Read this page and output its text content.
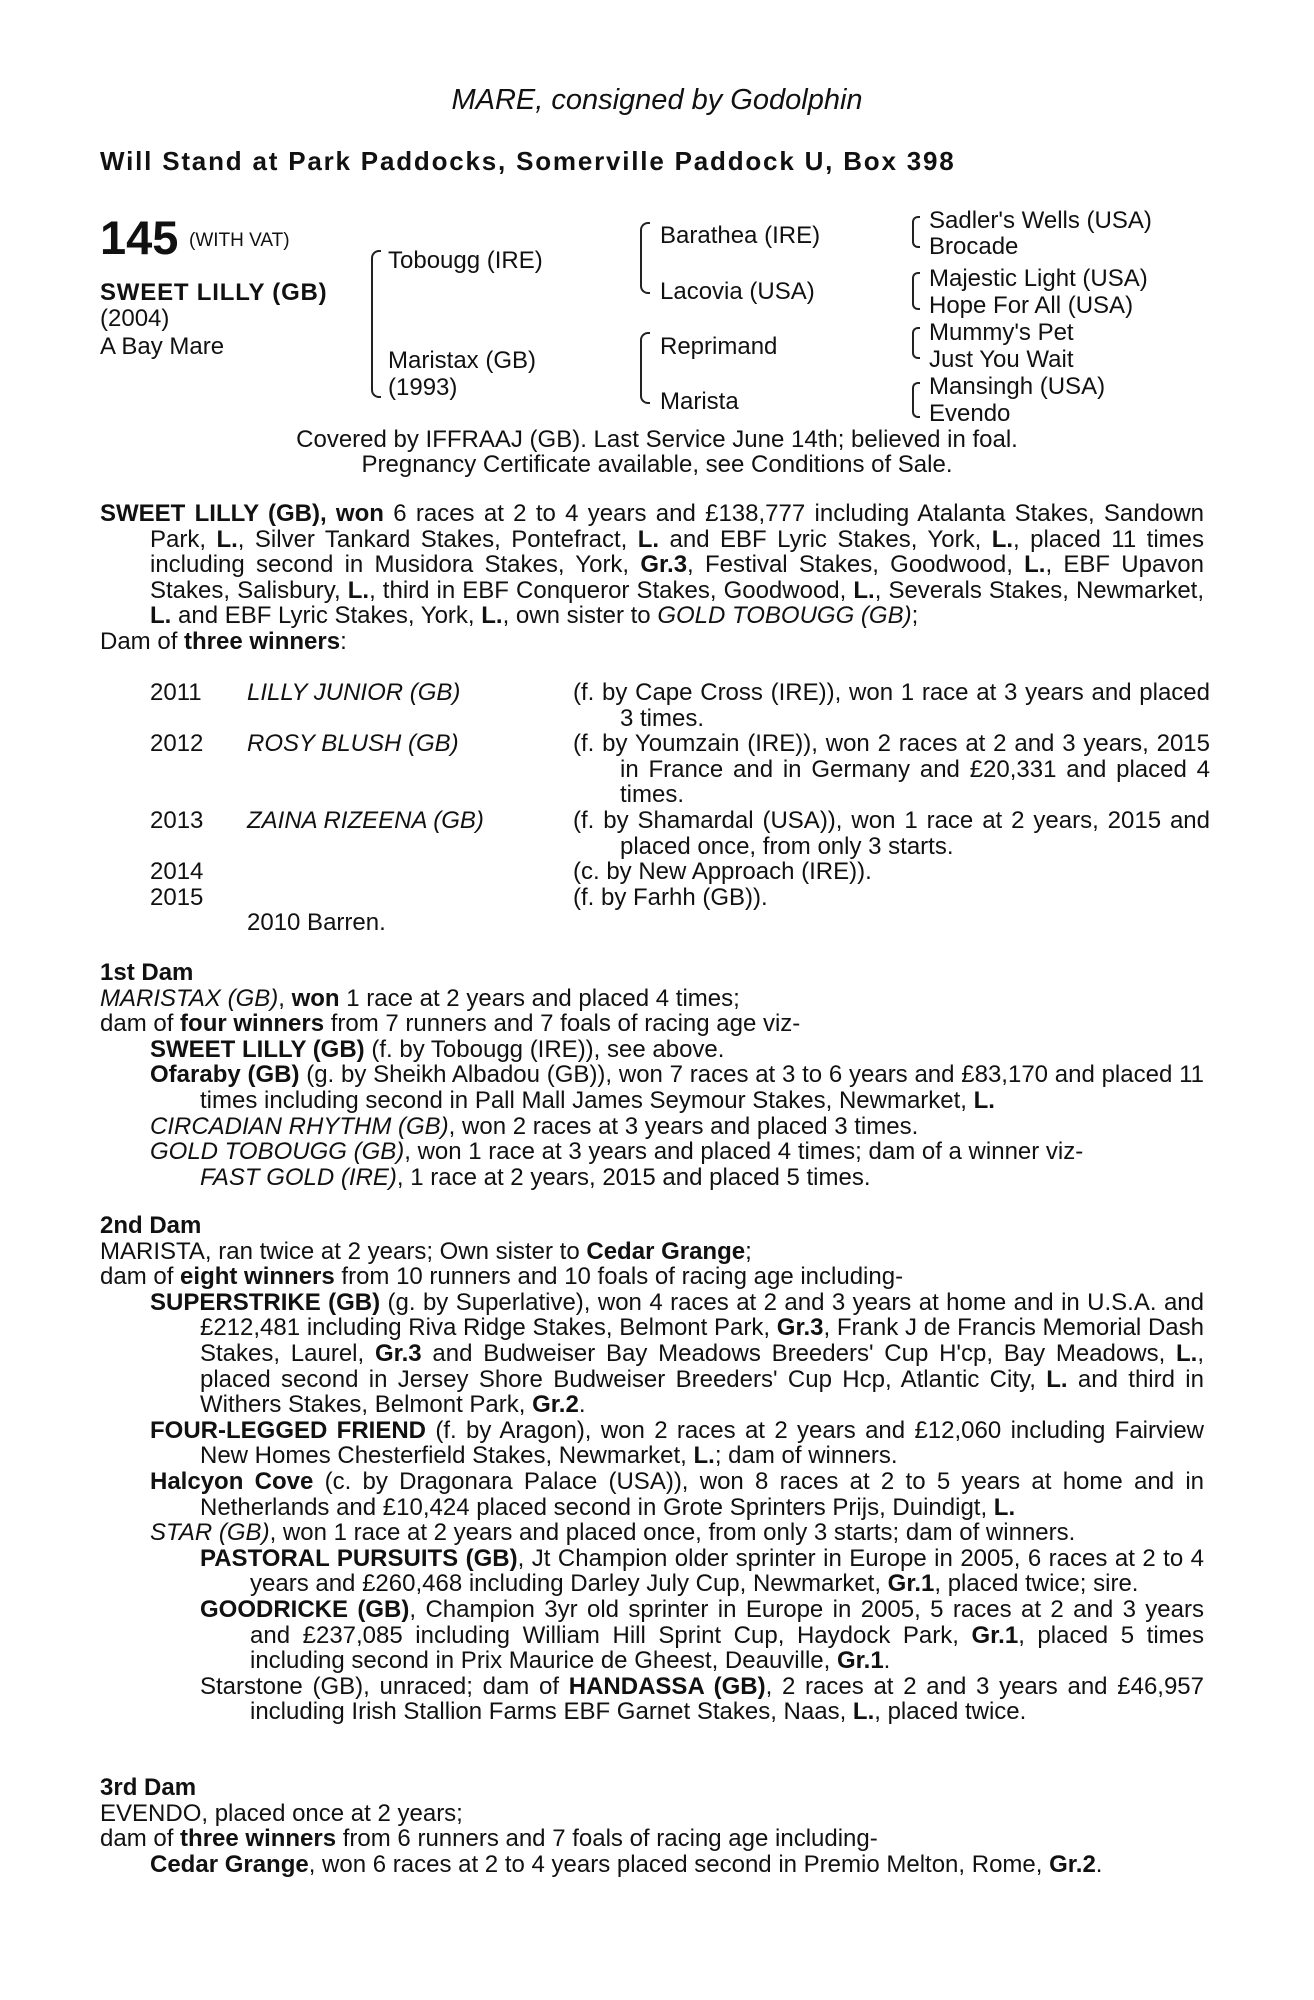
MARE, consigned by Godolphin
Will Stand at Park Paddocks, Somerville Paddock U, Box 398
145 (WITH VAT)
SWEET LILLY (GB)
(2004)
A Bay Mare
Tobougg (IRE)
Maristax (GB)
(1993)
Barathea (IRE)
Lacovia (USA)
Reprimand
Marista
Sadler's Wells (USA)
Brocade
Majestic Light (USA)
Hope For All (USA)
Mummy's Pet
Just You Wait
Mansingh (USA)
Evendo
Covered by IFFRAAJ (GB). Last Service June 14th; believed in foal.
Pregnancy Certificate available, see Conditions of Sale.

SWEET LILLY (GB), won 6 races at 2 to 4 years and £138,777 including Atalanta Stakes, Sandown Park, L., Silver Tankard Stakes, Pontefract, L. and EBF Lyric Stakes, York, L., placed 11 times including second in Musidora Stakes, York, Gr.3, Festival Stakes, Goodwood, L., EBF Upavon Stakes, Salisbury, L., third in EBF Conqueror Stakes, Goodwood, L., Severals Stakes, Newmarket, L. and EBF Lyric Stakes, York, L., own sister to GOLD TOBOUGG (GB);

Dam of three winners:

2011 LILLY JUNIOR (GB)	(f. by Cape Cross (IRE)), won 1 race at 3 years and placed 3 times.
2012 ROSY BLUSH (GB)	(f. by Youmzain (IRE)), won 2 races at 2 and 3 years, 2015 in France and in Germany and £20,331 and placed 4 times.
2013 ZAINA RIZEENA (GB)	(f. by Shamardal (USA)), won 1 race at 2 years, 2015 and placed once, from only 3 starts.
2014	(c. by New Approach (IRE)).
2015	(f. by Farhh (GB)).
2010 Barren.

1st Dam

MARISTAX (GB), won 1 race at 2 years and placed 4 times;

dam of four winners from 7 runners and 7 foals of racing age viz-

SWEET LILLY (GB) (f. by Tobougg (IRE)), see above.

Ofaraby (GB) (g. by Sheikh Albadou (GB)), won 7 races at 3 to 6 years and £83,170 and placed 11 times including second in Pall Mall James Seymour Stakes, Newmarket, L.

CIRCADIAN RHYTHM (GB), won 2 races at 3 years and placed 3 times.

GOLD TOBOUGG (GB), won 1 race at 3 years and placed 4 times; dam of a winner viz-

FAST GOLD (IRE), 1 race at 2 years, 2015 and placed 5 times.

2nd Dam

MARISTA, ran twice at 2 years; Own sister to Cedar Grange;

dam of eight winners from 10 runners and 10 foals of racing age including-

SUPERSTRIKE (GB) (g. by Superlative), won 4 races at 2 and 3 years at home and in U.S.A. and £212,481 including Riva Ridge Stakes, Belmont Park, Gr.3, Frank J de Francis Memorial Dash Stakes, Laurel, Gr.3 and Budweiser Bay Meadows Breeders' Cup H'cp, Bay Meadows, L., placed second in Jersey Shore Budweiser Breeders' Cup Hcp, Atlantic City, L. and third in Withers Stakes, Belmont Park, Gr.2.

FOUR-LEGGED FRIEND (f. by Aragon), won 2 races at 2 years and £12,060 including Fairview New Homes Chesterfield Stakes, Newmarket, L.; dam of winners.

Halcyon Cove (c. by Dragonara Palace (USA)), won 8 races at 2 to 5 years at home and in Netherlands and £10,424 placed second in Grote Sprinters Prijs, Duindigt, L.

STAR (GB), won 1 race at 2 years and placed once, from only 3 starts; dam of winners.

PASTORAL PURSUITS (GB), Jt Champion older sprinter in Europe in 2005, 6 races at 2 to 4 years and £260,468 including Darley July Cup, Newmarket, Gr.1, placed twice; sire.

GOODRICKE (GB), Champion 3yr old sprinter in Europe in 2005, 5 races at 2 and 3 years and £237,085 including William Hill Sprint Cup, Haydock Park, Gr.1, placed 5 times including second in Prix Maurice de Gheest, Deauville, Gr.1.

Starstone (GB), unraced; dam of HANDASSA (GB), 2 races at 2 and 3 years and £46,957 including Irish Stallion Farms EBF Garnet Stakes, Naas, L., placed twice.

3rd Dam

EVENDO, placed once at 2 years;

dam of three winners from 6 runners and 7 foals of racing age including-

Cedar Grange, won 6 races at 2 to 4 years placed second in Premio Melton, Rome, Gr.2.
